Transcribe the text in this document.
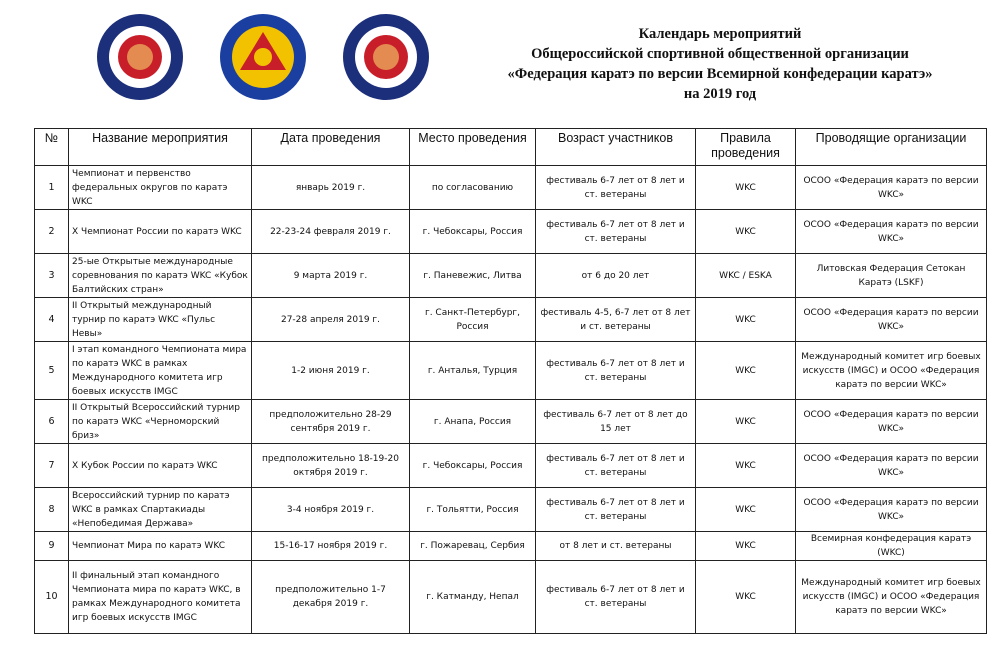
Календарь мероприятий
Общероссийской спортивной общественной организации
«Федерация каратэ по версии Всемирной конфедерации каратэ»
на 2019 год
№	Название мероприятия	Дата проведения	Место проведения	Возраст участников	Правила проведения	Проводящие организации
1	Чемпионат и первенство федеральных округов по каратэ WKC	январь 2019 г.	по согласованию	фестиваль 6-7 лет от 8 лет и ст. ветераны	WKC	ОСОО «Федерация каратэ по версии WKC»
2	X Чемпионат России по каратэ WKC	22-23-24 февраля 2019 г.	г. Чебоксары, Россия	фестиваль 6-7 лет от 8 лет и ст. ветераны	WKC	ОСОО «Федерация каратэ по версии WKC»
3	25-ые Открытые международные соревнования по каратэ WKC «Кубок Балтийских стран»	9 марта 2019 г.	г. Паневежис, Литва	от 6 до 20 лет	WKC / ESKA	Литовская Федерация Сетокан Каратэ (LSKF)
4	II Открытый международный турнир по каратэ WKC «Пульс Невы»	27-28 апреля 2019 г.	г. Санкт-Петербург, Россия	фестиваль 4-5, 6-7 лет от 8 лет и ст. ветераны	WKC	ОСОО «Федерация каратэ по версии WKC»
5	I этап командного Чемпионата мира по каратэ WKC в рамках Международного комитета игр боевых искусств IMGC	1-2 июня 2019 г.	г. Анталья, Турция	фестиваль 6-7 лет от 8 лет и ст. ветераны	WKC	Международный комитет игр боевых искусств (IMGC) и ОСОО «Федерация каратэ по версии WKC»
6	II Открытый Всероссийский турнир по каратэ WKC «Черноморский бриз»	предположительно 28-29 сентября 2019 г.	г. Анапа, Россия	фестиваль 6-7 лет от 8 лет до 15 лет	WKC	ОСОО «Федерация каратэ по версии WKC»
7	X Кубок России по каратэ WKC	предположительно 18-19-20 октября 2019 г.	г. Чебоксары, Россия	фестиваль 6-7 лет от 8 лет и ст. ветераны	WKC	ОСОО «Федерация каратэ по версии WKC»
8	Всероссийский турнир по каратэ WKC в рамках Спартакиады «Непобедимая Держава»	3-4 ноября 2019 г.	г. Тольятти, Россия	фестиваль 6-7 лет от 8 лет и ст. ветераны	WKC	ОСОО «Федерация каратэ по версии WKC»
9	Чемпионат Мира по каратэ WKC	15-16-17 ноября 2019 г.	г. Пожаревац, Сербия	от 8 лет и ст. ветераны	WKC	Всемирная конфедерация каратэ (WKC)
10	II финальный этап командного Чемпионата мира по каратэ WKC, в рамках Международного комитета игр боевых искусств IMGC	предположительно 1-7 декабря 2019 г.	г. Катманду, Непал	фестиваль 6-7 лет от 8 лет и ст. ветераны	WKC	Международный комитет игр боевых искусств (IMGC) и ОСОО «Федерация каратэ по версии WKC»
